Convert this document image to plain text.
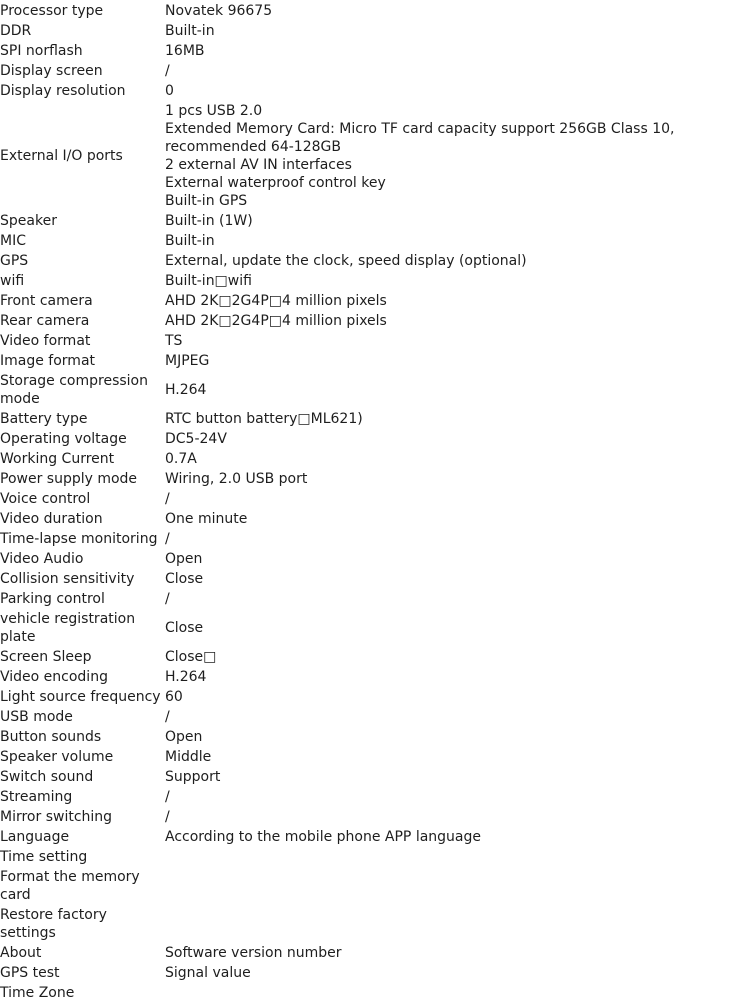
Processor type	Novatek 96675
DDR	Built-in
SPI norflash	16MB
Display screen	/
Display resolution	0
External I/O ports	1 pcs USB 2.0
Extended Memory Card: Micro TF card capacity support 256GB Class 10, recommended 64-128GB
2 external AV IN interfaces
External waterproof control key
Built-in GPS

Speaker	Built-in (1W)
MIC	Built-in
GPS	External, update the clock, speed display (optional)
wifi	Built-in□wifi
Front camera	AHD 2K□2G4P□4 million pixels
Rear camera	AHD 2K□2G4P□4 million pixels
Video format	TS
Image format	MJPEG
Storage compression mode	H.264
Battery type	RTC button battery□ML621)
Operating voltage	DC5-24V
Working Current	0.7A
Power supply mode	Wiring, 2.0 USB port
Voice control	/
Video duration	One minute
Time-lapse monitoring	/
Video Audio	Open
Collision sensitivity	Close
Parking control	/
vehicle registration plate	Close
Screen Sleep	Close□
Video encoding	H.264
Light source frequency	60
USB mode	/
Button sounds	Open
Speaker volume	Middle
Switch sound	Support
Streaming	/
Mirror switching	/
Language	According to the mobile phone APP language
Time setting	
Format the memory card	
Restore factory settings	
About	Software version number
GPS test	Signal value
Time Zone	
